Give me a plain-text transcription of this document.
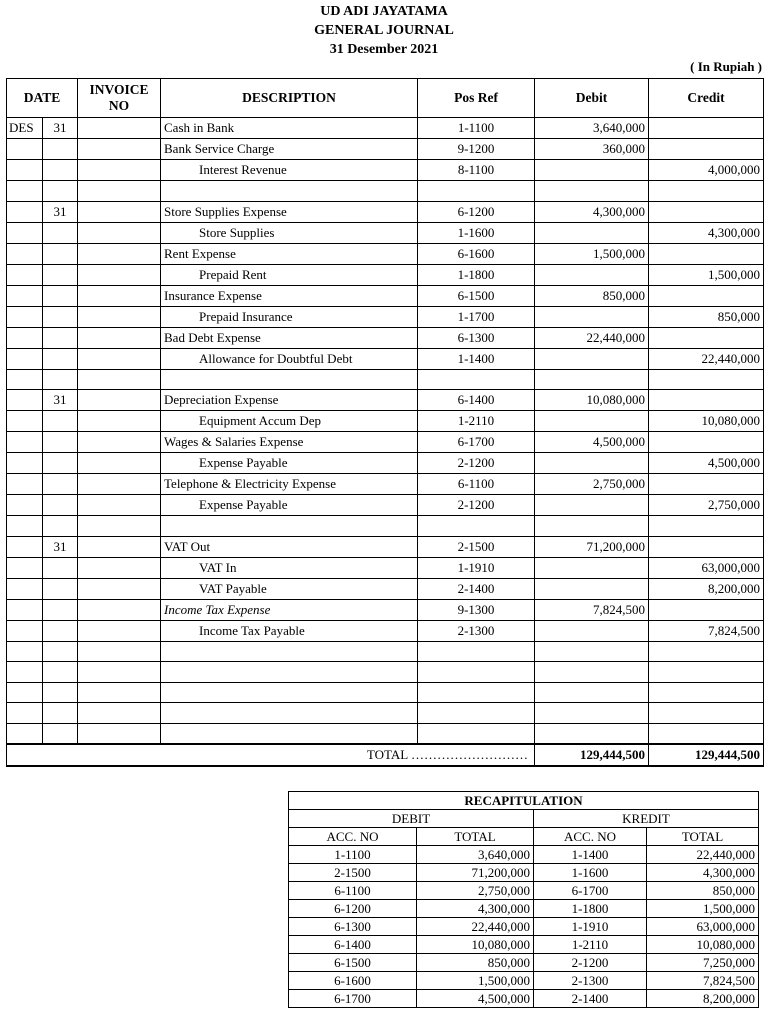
UD ADI JAYATAMA
GENERAL JOURNAL
31 Desember 2021
( In Rupiah )
DATE		INVOICE NO	DESCRIPTION	Pos Ref	Debit	Credit
DES	31		Cash in Bank	1-1100	3,640,000	
			Bank Service Charge	9-1200	360,000	
			Interest Revenue	8-1100		4,000,000

	31		Store Supplies Expense	6-1200	4,300,000	
			Store Supplies	1-1600		4,300,000
			Rent Expense	6-1600	1,500,000	
			Prepaid Rent	1-1800		1,500,000
			Insurance Expense	6-1500	850,000	
			Prepaid Insurance	1-1700		850,000
			Bad Debt Expense	6-1300	22,440,000	
			Allowance for Doubtful Debt	1-1400		22,440,000

	31		Depreciation Expense	6-1400	10,080,000	
			Equipment Accum Dep	1-2110		10,080,000
			Wages & Salaries Expense	6-1700	4,500,000	
			Expense Payable	2-1200		4,500,000
			Telephone & Electricity Expense	6-1100	2,750,000	
			Expense Payable	2-1200		2,750,000

	31		VAT Out	2-1500	71,200,000	
			VAT In	1-1910		63,000,000
			VAT Payable	2-1400		8,200,000
			Income Tax Expense	9-1300	7,824,500	
			Income Tax Payable	2-1300		7,824,500

TOTAL ………………………					129,444,500	129,444,500
RECAPITULATION			
DEBIT		KREDIT	
ACC. NO	TOTAL	ACC. NO	TOTAL
1-1100	3,640,000	1-1400	22,440,000
2-1500	71,200,000	1-1600	4,300,000
6-1100	2,750,000	6-1700	850,000
6-1200	4,300,000	1-1800	1,500,000
6-1300	22,440,000	1-1910	63,000,000
6-1400	10,080,000	1-2110	10,080,000
6-1500	850,000	2-1200	7,250,000
6-1600	1,500,000	2-1300	7,824,500
6-1700	4,500,000	2-1400	8,200,000
